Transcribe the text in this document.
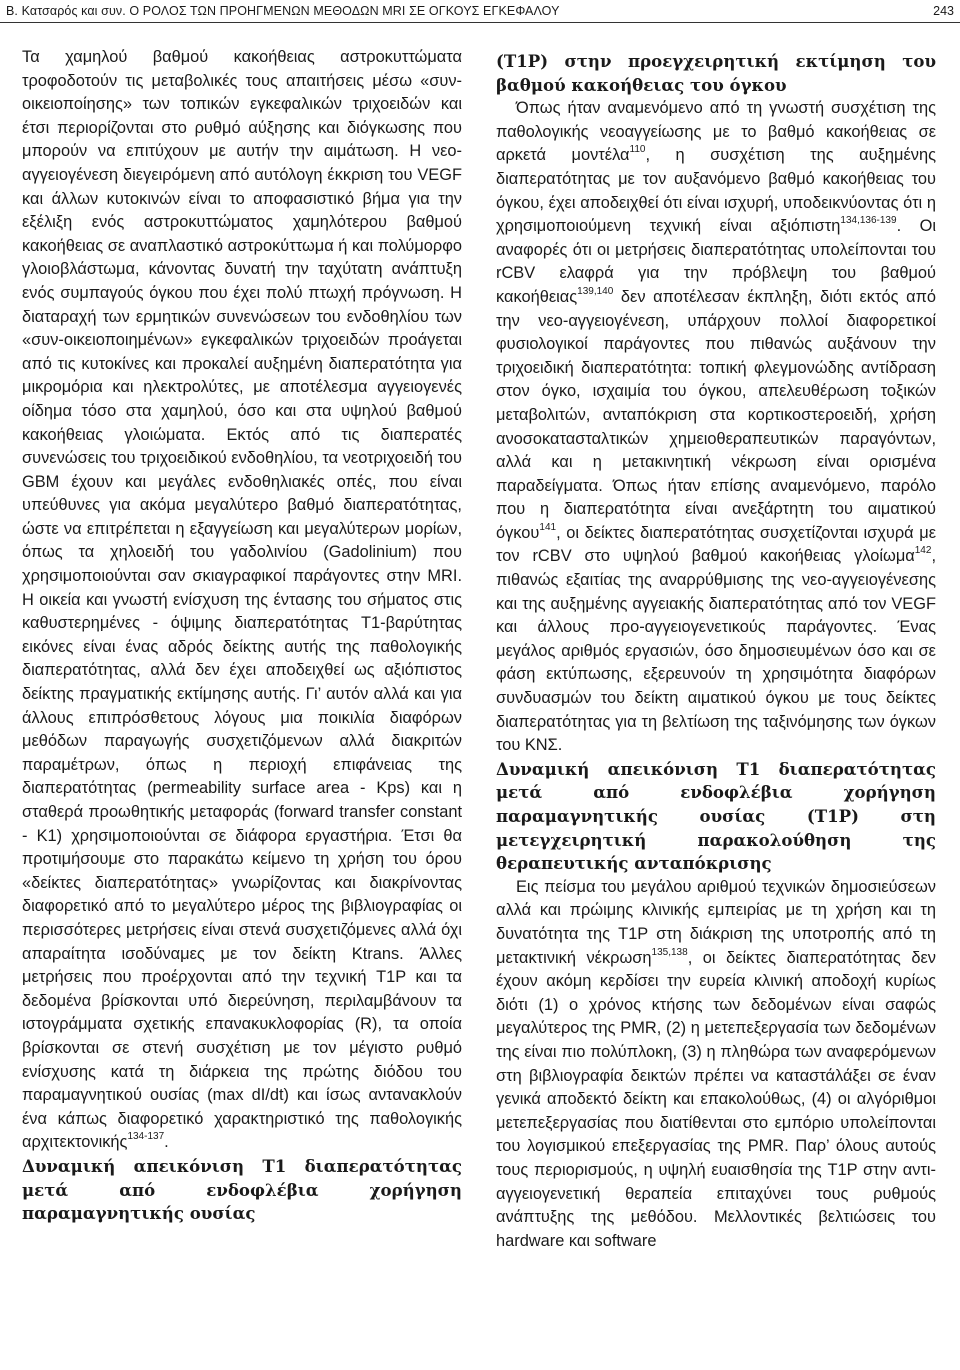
Β. Κατσαρός και συν. Ο ΡΟΛΟΣ ΤΩΝ ΠΡΟΗΓΜΕΝΩΝ ΜΕΘΟΔΩΝ MRI ΣΕ ΟΓΚΟΥΣ ΕΓΚΕΦΑΛΟΥ	243

Τα χαμηλού βαθμού κακοήθειας αστροκυττώματα τροφοδοτούν τις μεταβολικές τους απαιτήσεις μέσω «συν-οικειοποίησης» των τοπικών εγκεφαλικών τριχοειδών και έτσι περιορίζονται στο ρυθμό αύξησης και διόγκωσης που μπορούν να επιτύχουν με αυτήν την αιμάτωση. Η νεο-αγγειογένεση διεγειρόμενη από αυτόλογη έκκριση του VEGF και άλλων κυτοκινών είναι το αποφασιστικό βήμα για την εξέλιξη ενός αστροκυττώματος χαμηλότερου βαθμού κακοήθειας σε αναπλαστικό αστροκύττωμα ή και πολύμορφο γλοιοβλάστωμα, κάνοντας δυνατή την ταχύτατη ανάπτυξη ενός συμπαγούς όγκου που έχει πολύ πτωχή πρόγνωση. Η διαταραχή των ερμητικών συνενώσεων του ενδοθηλίου των «συν-οικειοποιημένων» εγκεφαλικών τριχοειδών προάγεται από τις κυτοκίνες και προκαλεί αυξημένη διαπερατότητα για μικρομόρια και ηλεκτρολύτες, με αποτέλεσμα αγγειογενές οίδημα τόσο στα χαμηλού, όσο και στα υψηλού βαθμού κακοήθειας γλοιώματα. Εκτός από τις διαπερατές συνενώσεις του τριχοειδικού ενδοθηλίου, τα νεοτριχοειδή του GBM έχουν και μεγάλες ενδοθηλιακές οπές, που είναι υπεύθυνες για ακόμα μεγαλύτερο βαθμό διαπερατότητας, ώστε να επιτρέπεται η εξαγγείωση και μεγαλύτερων μορίων, όπως τα χηλοειδή του γαδολινίου (Gadolinium) που χρησιμοποιούνται σαν σκιαγραφικοί παράγοντες στην MRI. Η οικεία και γνωστή ενίσχυση της έντασης του σήματος στις καθυστερημένες - όψιμης διαπερατότητας T1-βαρύτητας εικόνες είναι ένας αδρός δείκτης αυτής της παθολογικής διαπερατότητας, αλλά δεν έχει αποδειχθεί ως αξιόπιστος δείκτης πραγματικής εκτίμησης αυτής. Γι’ αυτόν αλλά και για άλλους επιπρόσθετους λόγους μια ποικιλία διαφόρων μεθόδων παραγωγής συσχετιζόμενων αλλά διακριτών παραμέτρων, όπως η περιοχή επιφάνειας της διαπερατότητας (permeability surface area - Kps) και η σταθερά προωθητικής μεταφοράς (forward transfer constant - K1) χρησιμοποιούνται σε διάφορα εργαστήρια. Έτσι θα προτιμήσουμε στο παρακάτω κείμενο τη χρήση του όρου «δείκτες διαπερατότητας» γνωρίζοντας και διακρίνοντας διαφορετικό από το μεγαλύτερο μέρος της βιβλιογραφίας οι περισσότερες μετρήσεις είναι στενά συσχετιζόμενες αλλά όχι απαραίτητα ισοδύναμες με τον δείκτη Ktrans. Άλλες μετρήσεις που προέρχονται από την τεχνική T1P και τα δεδομένα βρίσκονται υπό διερεύνηση, περιλαμβάνουν τα ιστογράμματα σχετικής επανακυκλοφορίας (R), τα οποία βρίσκονται σε στενή συσχέτιση με τον μέγιστο ρυθμό ενίσχυσης κατά τη διάρκεια της πρώτης διόδου του παραμαγνητικού ουσίας (max dI/dt) και ίσως αντανακλούν ένα κάπως διαφορετικό χαρακτηριστικό της παθολογικής αρχιτεκτονικής$^{134-137}$.

Δυναμική απεικόνιση T1 διαπερατότητας μετά από ενδοφλέβια χορήγηση παραμαγνητικής ουσίας
(T1P) στην προεγχειρητική εκτίμηση του βαθμού κακοήθειας του όγκου

Όπως ήταν αναμενόμενο από τη γνωστή συσχέτιση της παθολογικής νεοαγγείωσης με το βαθμό κακοήθειας σε αρκετά μοντέλα$^{110}$, η συσχέτιση της αυξημένης διαπερατότητας με τον αυξανόμενο βαθμό κακοήθειας του όγκου, έχει αποδειχθεί ότι είναι ισχυρή, υποδεικνύοντας ότι η χρησιμοποιούμενη τεχνική είναι αξιόπιστη$^{134,136-139}$. Οι αναφορές ότι οι μετρήσεις διαπερατότητας υπολείπονται του rCBV ελαφρά για την πρόβλεψη του βαθμού κακοήθειας$^{139,140}$ δεν αποτέλεσαν έκπληξη, διότι εκτός από την νεο-αγγειογένεση, υπάρχουν πολλοί διαφορετικοί φυσιολογικοί παράγοντες που πιθανώς αυξάνουν την τριχοειδική διαπερατότητα: τοπική φλεγμονώδης αντίδραση στον όγκο, ισχαιμία του όγκου, απελευθέρωση τοξικών μεταβολιτών, ανταπόκριση στα κορτικοστεροειδή, χρήση ανοσοκατασταλτικών χημειοθεραπευτικών παραγόντων, αλλά και η μετακινητική νέκρωση είναι ορισμένα παραδείγματα. Όπως ήταν επίσης αναμενόμενο, παρόλο που η διαπερατότητα είναι ανεξάρτητη του αιματικού όγκου$^{141}$, οι δείκτες διαπερατότητας συσχετίζονται ισχυρά με τον rCBV στο υψηλού βαθμού κακοήθειας γλοίωμα$^{142}$, πιθανώς εξαιτίας της αναρρύθμισης της νεο-αγγειογένεσης και της αυξημένης αγγειακής διαπερατότητας από τον VEGF και άλλους προ-αγγειογενετικούς παράγοντες. Ένας μεγάλος αριθμός εργασιών, όσο δημοσιευμένων όσο και σε φάση εκτύπωσης, εξερευνούν τη χρησιμότητα διαφόρων συνδυασμών του δείκτη αιματικού όγκου με τους δείκτες διαπερατότητας για τη βελτίωση της ταξινόμησης των όγκων του ΚΝΣ.

Δυναμική απεικόνιση T1 διαπερατότητας μετά από ενδοφλέβια χορήγηση παραμαγνητικής ουσίας (T1P) στη μετεγχειρητική παρακολούθηση της θεραπευτικής ανταπόκρισης

Εις πείσμα του μεγάλου αριθμού τεχνικών δημοσιεύσεων αλλά και πρώιμης κλινικής εμπειρίας με τη χρήση και τη δυνατότητα της T1P στη διάκριση της υποτροπής από τη μετακτινική νέκρωση$^{135,138}$, οι δείκτες διαπερατότητας δεν έχουν ακόμη κερδίσει την ευρεία κλινική αποδοχή κυρίως διότι (1) ο χρόνος κτήσης των δεδομένων είναι σαφώς μεγαλύτερος της PMR, (2) η μετεπεξεργασία των δεδομένων της είναι πιο πολύπλοκη, (3) η πληθώρα των αναφερόμενων στη βιβλιογραφία δεικτών πρέπει να καταστάλάξει σε έναν γενικά αποδεκτό δείκτη και επακολούθως, (4) οι αλγόριθμοι μετεπεξεργασίας που διατίθενται στο εμπόριο υπολείπονται του λογισμικού επεξεργασίας της PMR. Παρ’ όλους αυτούς τους περιορισμούς, η υψηλή ευαισθησία της T1P στην αντι-αγγειογενετική θεραπεία επιταχύνει τους ρυθμούς ανάπτυξης της μεθόδου. Μελλοντικές βελτιώσεις του hardware και software
